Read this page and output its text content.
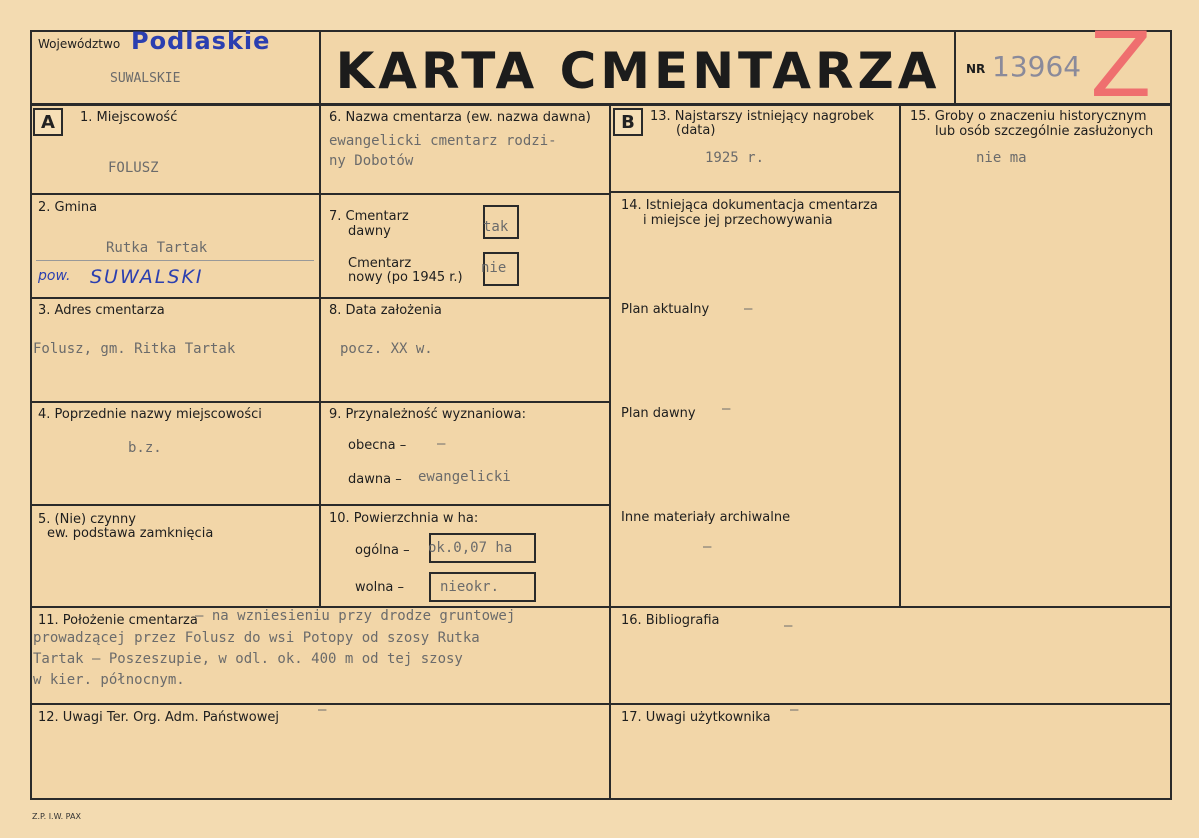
Województwo Podlaskie
SUWALSKIE	KARTA CMENTARZA	NR 13964 Z
A	B
1. Miejscowość
FOLUSZ
2. Gmina
Rutka Tartak
pow. SUWALSKI
3. Adres cmentarza
Folusz, gm. Ritka Tartak
4. Poprzednie nazwy miejscowości
b.z.
5. (Nie) czynny
ew. podstawa zamknięcia
6. Nazwa cmentarza (ew. nazwa dawna)
ewangelicki cmentarz rodzi-
ny Dobotów
7. Cmentarz
dawny	tak
Cmentarz
nowy (po 1945 r.)
nie
8. Data założenia
pocz. XX w.
9. Przynależność wyznaniowa:
obecna – –
dawna – ewangelicki
10. Powierzchnia w ha:
ogólna – ok.0,07 ha
wolna –	nieokr.
11. Położenie cmentarza
– na wzniesieniu przy drodze gruntowej
prowadzącej przez Folusz do wsi Potopy od szosy Rutka
Tartak – Poszeszupie, w odl. ok. 400 m od tej szosy
w kier. północnym.
12. Uwagi Ter. Org. Adm. Państwowej	–
13. Najstarszy istniejący nagrobek
(data)
1925 r.
14. Istniejąca dokumentacja cmentarza
i miejsce jej przechowywania
Plan aktualny –
Plan dawny –
Inne materiały archiwalne
–
15. Groby o znaczeniu historycznym
lub osób szczególnie zasłużonych
nie ma
16. Bibliografia	–
17. Uwagi użytkownika –
Z.P. I.W. PAX
